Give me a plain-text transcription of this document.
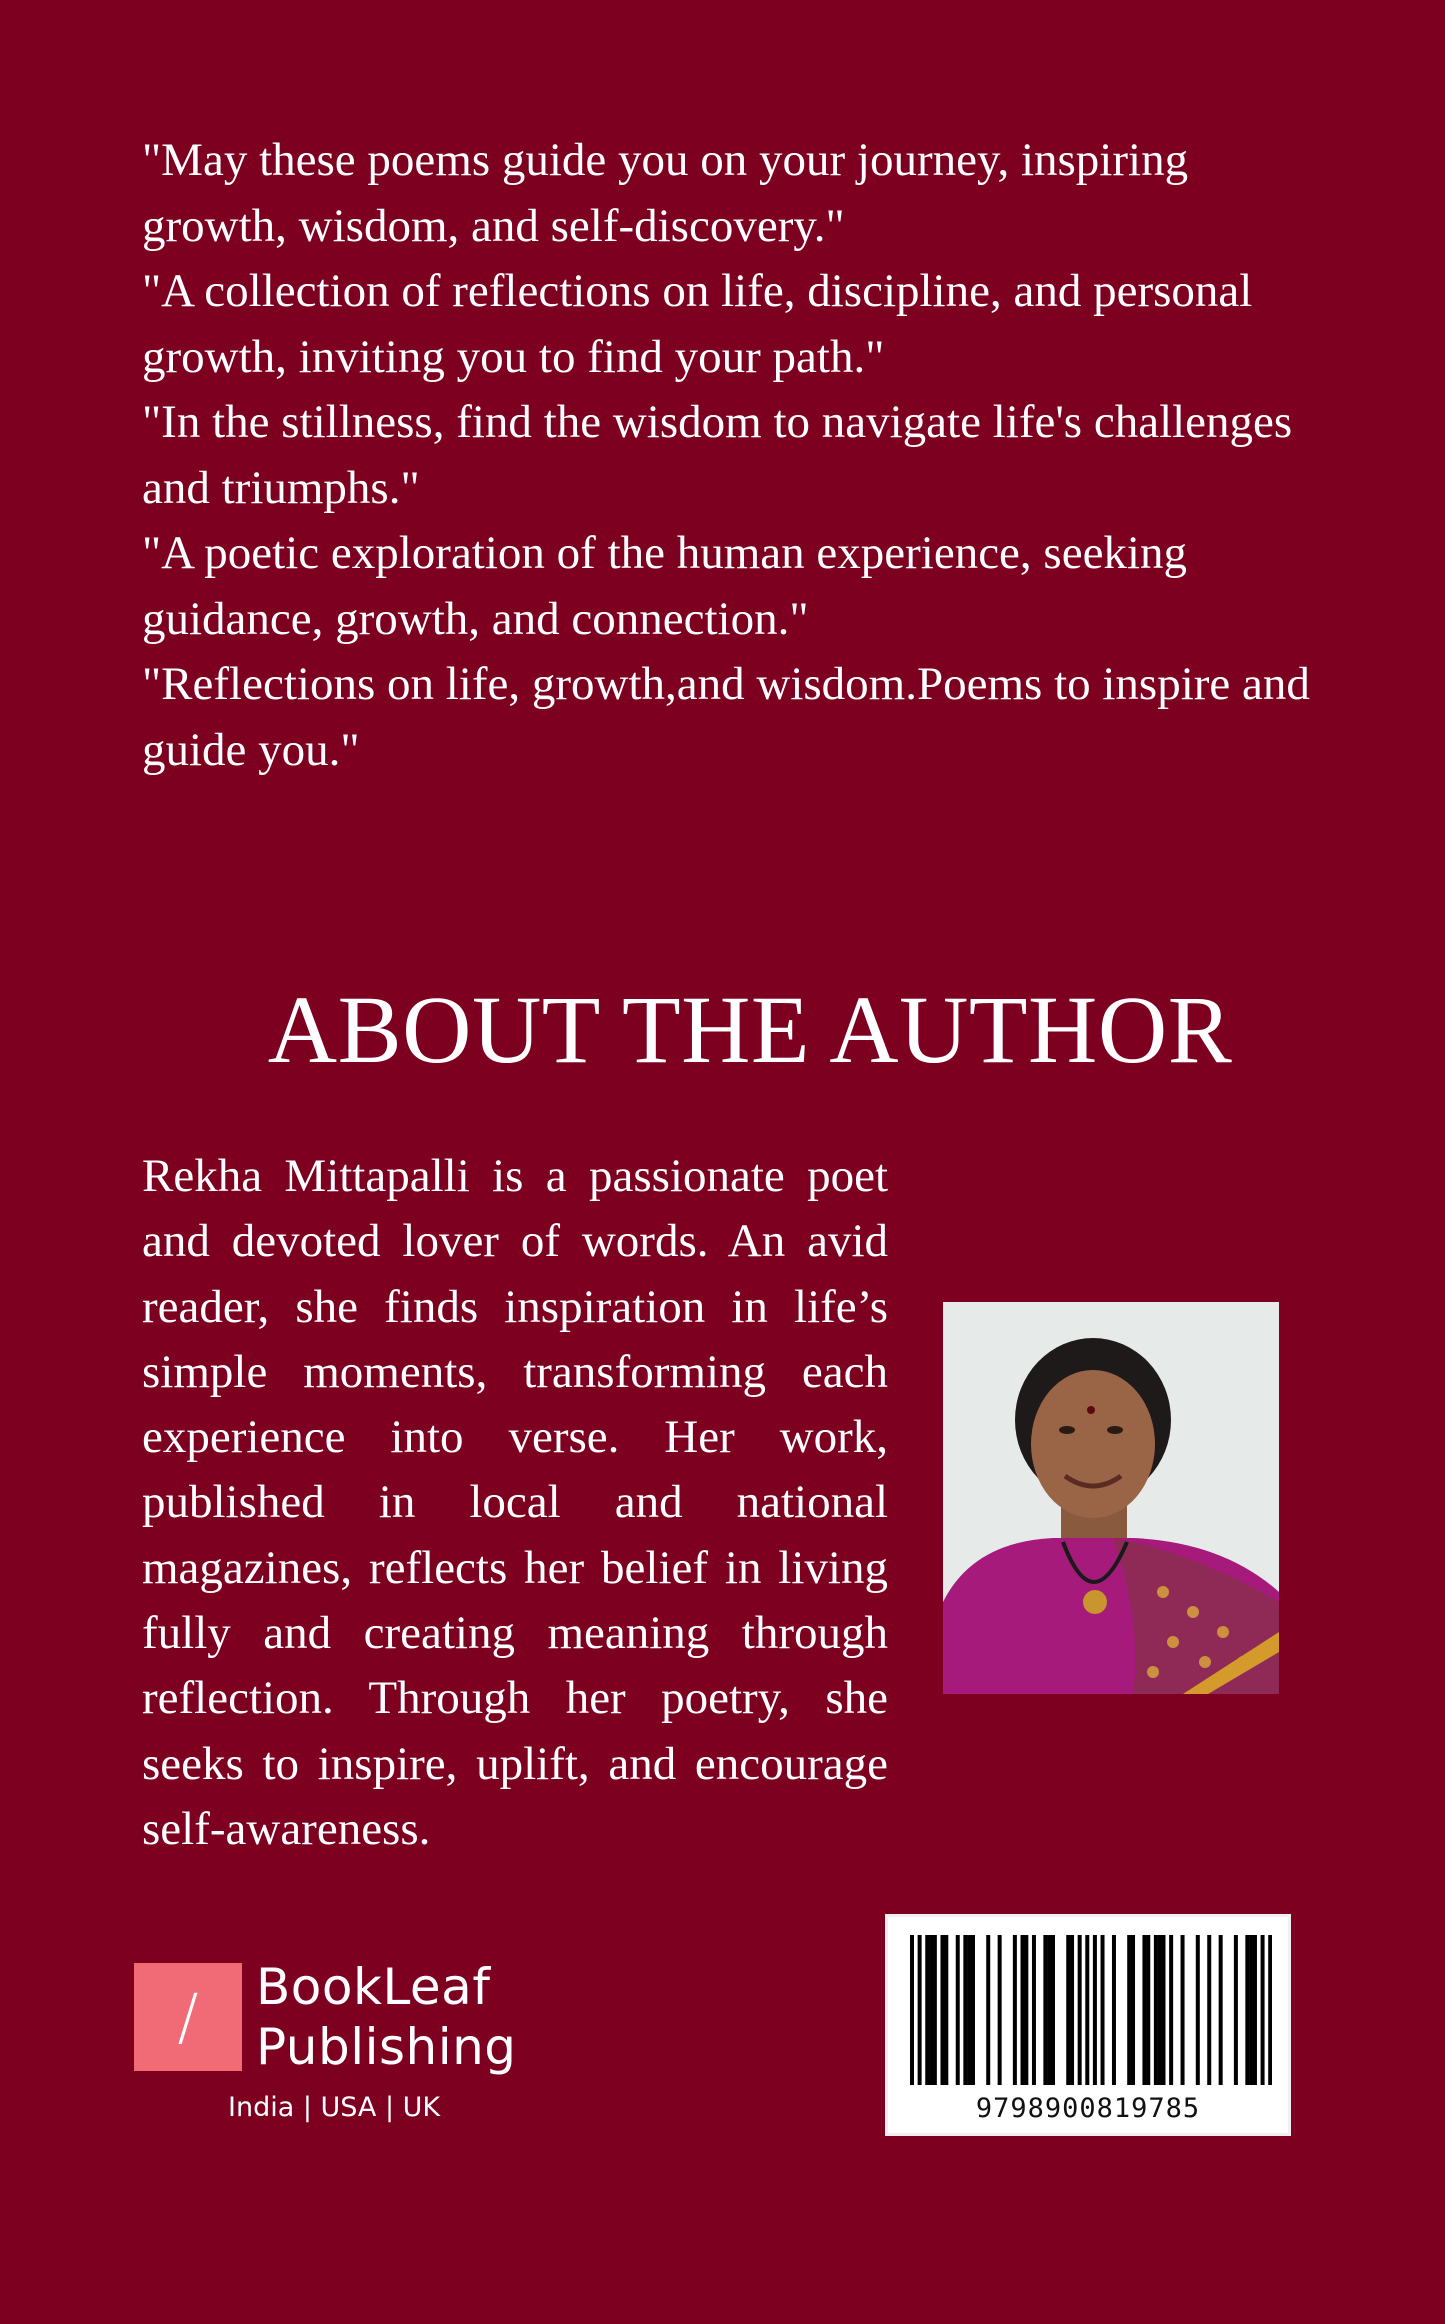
"May these poems guide you on your journey, inspiring growth, wisdom, and self-discovery."

"A collection of reflections on life, discipline, and personal growth, inviting you to find your path."

"In the stillness, find the wisdom to navigate life's challenges and triumphs."

"A poetic exploration of the human experience, seeking guidance, growth, and connection."

"Reflections on life, growth,and wisdom.Poems to inspire and guide you."

ABOUT THE AUTHOR

Rekha Mittapalli is a passionate poet and devoted lover of words. An avid reader, she finds inspiration in life’s simple moments, transforming each experience into verse. Her work, published in local and national magazines, reflects her belief in living fully and creating meaning through reflection. Through her poetry, she seeks to inspire, uplift, and encourage self-awareness.

/	BookLeaf
Publishing
India | USA | UK	9798900819785
